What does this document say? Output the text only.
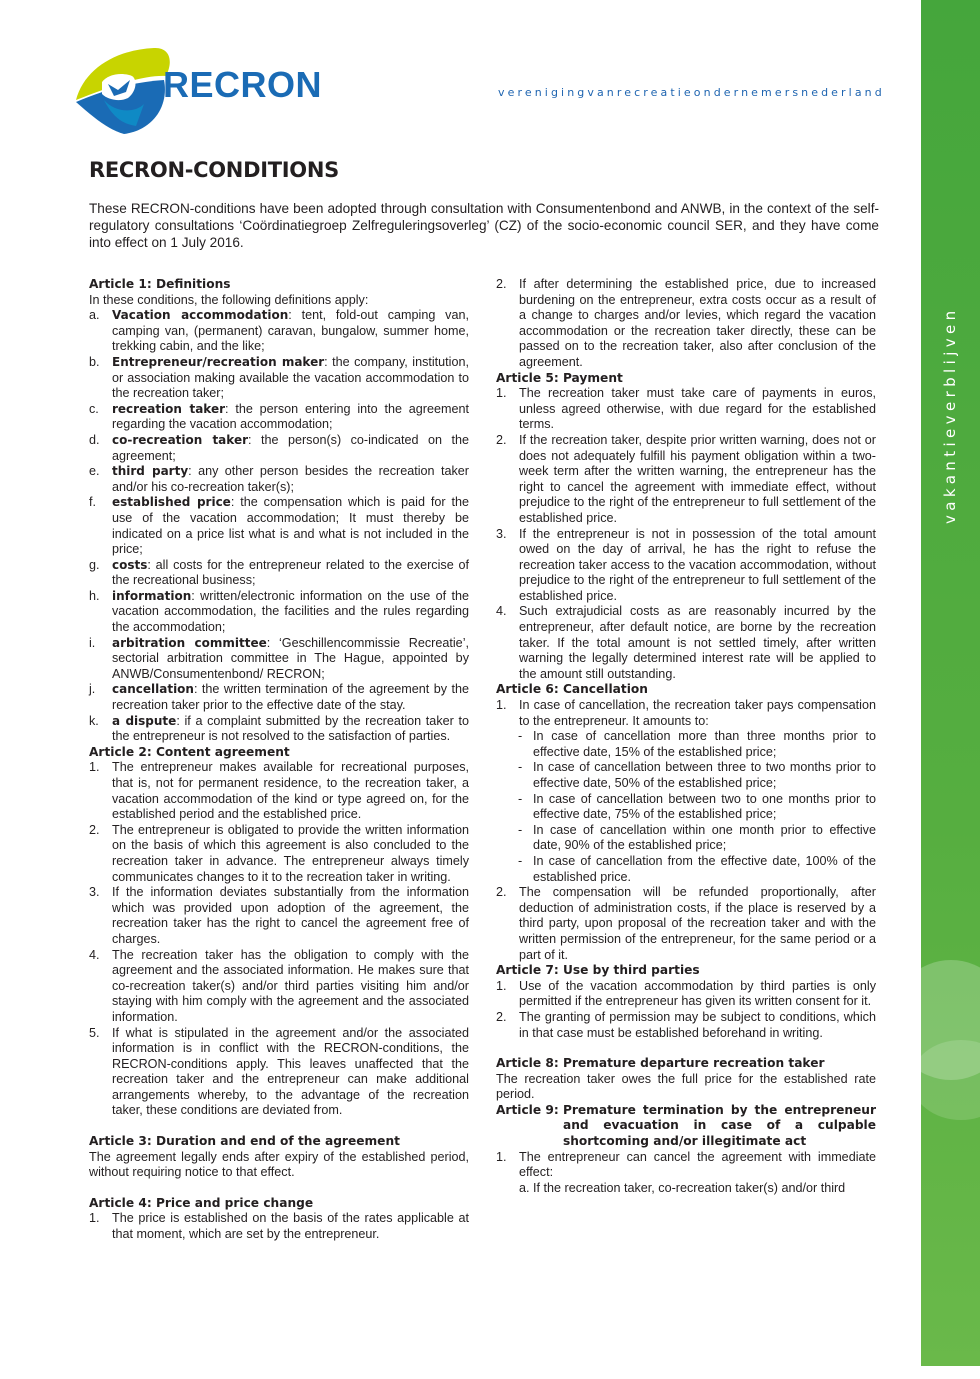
vakantieverblijven
RECRON	verenigingvanrecreatieondernemersnederland
RECRON-CONDITIONS

These RECRON-conditions have been adopted through consultation with Consumentenbond and ANWB, in the context of the self-regulatory consultations ‘Coördinatiegroep Zelfreguleringsoverleg’ (CZ) of the socio-economic council SER, and they have come into effect on 1 July 2016.

Article 1: Definitions

In these conditions, the following definitions apply:

a.	Vacation accommodation: tent, fold-out camping van, camping van, (permanent) caravan, bungalow, summer home, trekking cabin, and the like;
b.	Entrepreneur/recreation maker: the company, institution, or association making available the vacation accommodation to the recreation taker;
c.	recreation taker: the person entering into the agreement regarding the vacation accommodation;
d.	co-recreation taker: the person(s) co-indicated on the agreement;
e.	third party: any other person besides the recreation taker and/or his co-recreation taker(s);
f.	established price: the compensation which is paid for the use of the vacation accommodation; It must thereby be indicated on a price list what is and what is not included in the price;
g.	costs: all costs for the entrepreneur related to the exercise of the recreational business;
h.	information: written/electronic information on the use of the vacation accommodation, the facilities and the rules regarding the accommodation;
i.	arbitration committee: ‘Geschillencommissie Recreatie’, sectorial arbitration committee in The Hague, appointed by ANWB/Consumentenbond/ RECRON;
j.	cancellation: the written termination of the agreement by the recreation taker prior to the effective date of the stay.
k.	a dispute: if a complaint submitted by the recreation taker to the entrepreneur is not resolved to the satisfaction of parties.
Article 2: Content agreement
1. The entrepreneur makes available for recreational purposes, that is, not for permanent residence, to the recreation taker, a vacation accommodation of the kind or type agreed on, for the established period and the established price.
2. The entrepreneur is obligated to provide the written information on the basis of which this agreement is also concluded to the recreation taker in advance. The entrepreneur always timely communicates changes to it to the recreation taker in writing.
3. If the information deviates substantially from the information which was provided upon adoption of the agreement, the recreation taker has the right to cancel the agreement free of charges.
4. The recreation taker has the obligation to comply with the agreement and the associated information. He makes sure that co-recreation taker(s) and/or third parties visiting him and/or staying with him comply with the agreement and the associated information.
5. If what is stipulated in the agreement and/or the associated information is in conflict with the RECRON-conditions, the RECRON-conditions apply. This leaves unaffected that the recreation taker and the entrepreneur can make additional arrangements whereby, to the advantage of the recreation taker, these conditions are deviated from.
Article 3: Duration and end of the agreement

The agreement legally ends after expiry of the established period, without requiring notice to that effect.

Article 4: Price and price change
1. The price is established on the basis of the rates applicable at that moment, which are set by the entrepreneur.
2. If after determining the established price, due to increased burdening on the entrepreneur, extra costs occur as a result of a change to charges and/or levies, which regard the vacation accommodation or the recreation taker directly, these can be passed on to the recreation taker, also after conclusion of the agreement.
Article 5: Payment
1. The recreation taker must take care of payments in euros, unless agreed otherwise, with due regard for the established terms.
2. If the recreation taker, despite prior written warning, does not or does not adequately fulfill his payment obligation within a two-week term after the written warning, the entrepreneur has the right to cancel the agreement with immediate effect, without prejudice to the right of the entrepreneur to full settlement of the established price.
3. If the entrepreneur is not in possession of the total amount owed on the day of arrival, he has the right to refuse the recreation taker access to the vacation accommodation, without prejudice to the right of the entrepreneur to full settlement of the established price.
4. Such extrajudicial costs as are reasonably incurred by the entrepreneur, after default notice, are borne by the recreation taker. If the total amount is not settled timely, after written warning the legally determined interest rate will be applied to the amount still outstanding.
Article 6: Cancellation
1. In case of cancellation, the recreation taker pays compensation to the entrepreneur. It amounts to:
- In case of cancellation more than three months prior to effective date, 15% of the established price;
- In case of cancellation between three to two months prior to effective date, 50% of the established price;
- In case of cancellation between two to one months prior to effective date, 75% of the established price;
- In case of cancellation within one month prior to effective date, 90% of the established price;
- In case of cancellation from the effective date, 100% of the established price.
2. The compensation will be refunded proportionally, after deduction of administration costs, if the place is reserved by a third party, upon proposal of the recreation taker and with the written permission of the entrepreneur, for the same period or a part of it.
Article 7: Use by third parties
1. Use of the vacation accommodation by third parties is only permitted if the entrepreneur has given its written consent for it.
2. The granting of permission may be subject to conditions, which in that case must be established beforehand in writing.
Article 8: Premature departure recreation taker

The recreation taker owes the full price for the established rate period.

Article 9: Premature termination by the entrepreneur and evacuation in case of a culpable shortcoming and/or illegitimate act
1. The entrepreneur can cancel the agreement with immediate effect:
a. If the recreation taker, co-recreation taker(s) and/or third
